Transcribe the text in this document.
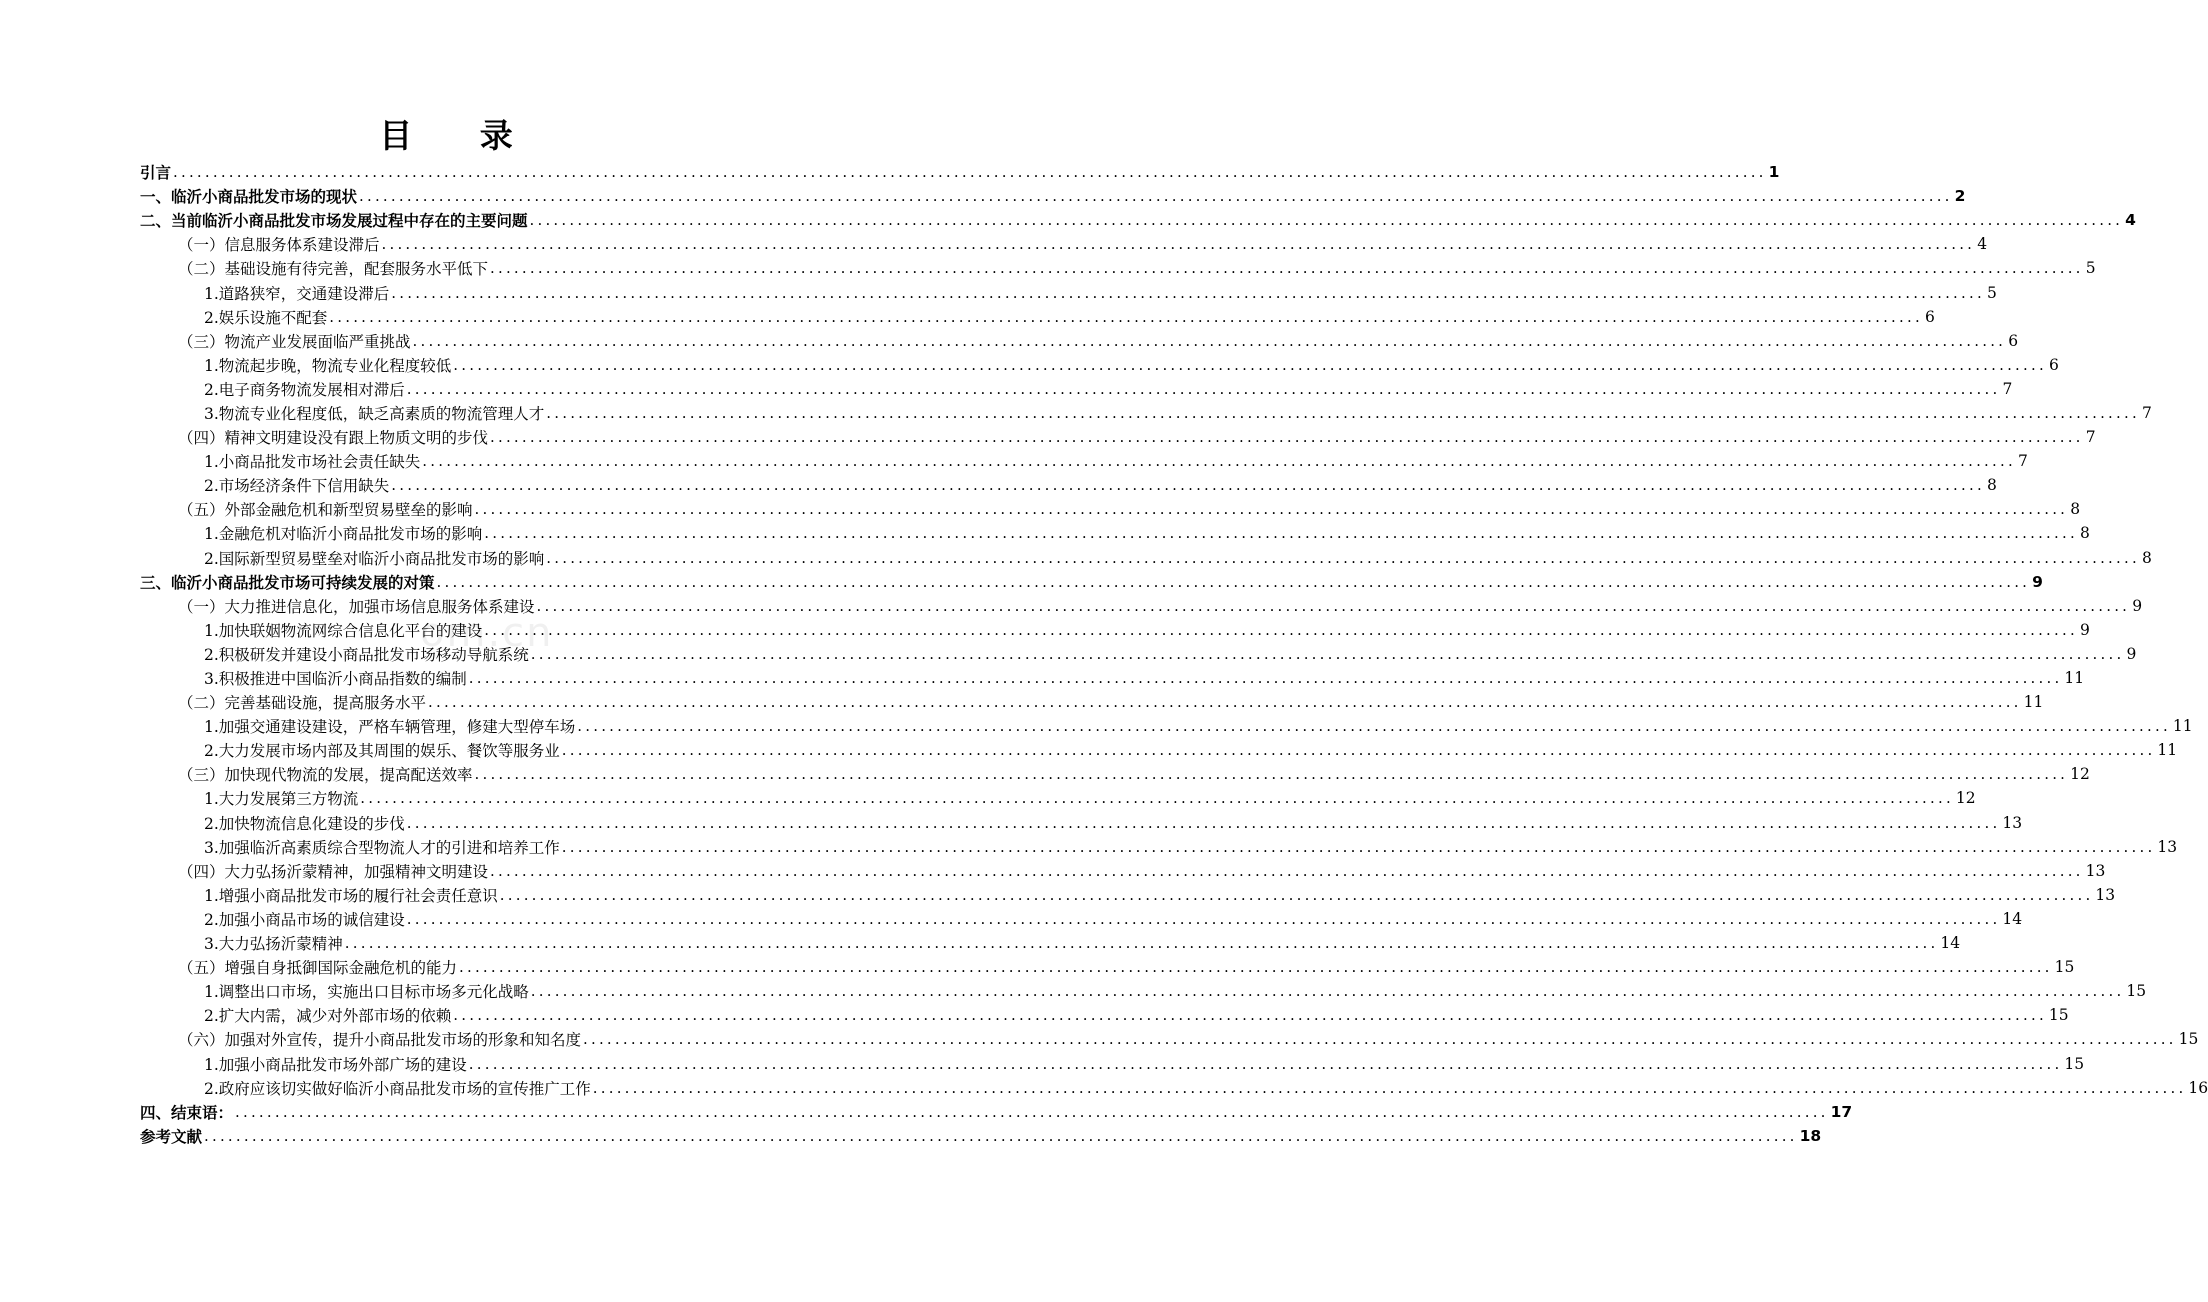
目 录
om.cn
引言 ........................................................................................................................................................................................................ 1
一、临沂小商品批发市场的现状 ........................................................................................................................................................................................................ 2
二、当前临沂小商品批发市场发展过程中存在的主要问题 ........................................................................................................................................................................................................ 4
（一）信息服务体系建设滞后 ........................................................................................................................................................................................................ 4
（二）基础设施有待完善，配套服务水平低下 ........................................................................................................................................................................................................ 5
1.道路狭窄，交通建设滞后 ........................................................................................................................................................................................................ 5
2.娱乐设施不配套 ........................................................................................................................................................................................................ 6
（三）物流产业发展面临严重挑战 ........................................................................................................................................................................................................ 6
1.物流起步晚，物流专业化程度较低 ........................................................................................................................................................................................................ 6
2.电子商务物流发展相对滞后 ........................................................................................................................................................................................................ 7
3.物流专业化程度低，缺乏高素质的物流管理人才 ........................................................................................................................................................................................................ 7
（四）精神文明建设没有跟上物质文明的步伐 ........................................................................................................................................................................................................ 7
1.小商品批发市场社会责任缺失 ........................................................................................................................................................................................................ 7
2.市场经济条件下信用缺失 ........................................................................................................................................................................................................ 8
（五）外部金融危机和新型贸易壁垒的影响 ........................................................................................................................................................................................................ 8
1.金融危机对临沂小商品批发市场的影响 ........................................................................................................................................................................................................ 8
2.国际新型贸易壁垒对临沂小商品批发市场的影响 ........................................................................................................................................................................................................ 8
三、临沂小商品批发市场可持续发展的对策 ........................................................................................................................................................................................................ 9
（一）大力推进信息化，加强市场信息服务体系建设 ........................................................................................................................................................................................................ 9
1.加快联姻物流网综合信息化平台的建设 ........................................................................................................................................................................................................ 9
2.积极研发并建设小商品批发市场移动导航系统 ........................................................................................................................................................................................................ 9
3.积极推进中国临沂小商品指数的编制 ........................................................................................................................................................................................................ 11
（二）完善基础设施，提高服务水平 ........................................................................................................................................................................................................ 11
1.加强交通建设建设，严格车辆管理，修建大型停车场 ........................................................................................................................................................................................................ 11
2.大力发展市场内部及其周围的娱乐、餐饮等服务业 ........................................................................................................................................................................................................ 11
（三）加快现代物流的发展，提高配送效率 ........................................................................................................................................................................................................ 12
1.大力发展第三方物流 ........................................................................................................................................................................................................ 12
2.加快物流信息化建设的步伐 ........................................................................................................................................................................................................ 13
3.加强临沂高素质综合型物流人才的引进和培养工作 ........................................................................................................................................................................................................ 13
（四）大力弘扬沂蒙精神，加强精神文明建设 ........................................................................................................................................................................................................ 13
1.增强小商品批发市场的履行社会责任意识 ........................................................................................................................................................................................................ 13
2.加强小商品市场的诚信建设 ........................................................................................................................................................................................................ 14
3.大力弘扬沂蒙精神 ........................................................................................................................................................................................................ 14
（五）增强自身抵御国际金融危机的能力 ........................................................................................................................................................................................................ 15
1.调整出口市场，实施出口目标市场多元化战略 ........................................................................................................................................................................................................ 15
2.扩大内需，减少对外部市场的依赖 ........................................................................................................................................................................................................ 15
（六）加强对外宣传，提升小商品批发市场的形象和知名度 ........................................................................................................................................................................................................ 15
1.加强小商品批发市场外部广场的建设 ........................................................................................................................................................................................................ 15
2.政府应该切实做好临沂小商品批发市场的宣传推广工作 ........................................................................................................................................................................................................ 16
四、结束语： ........................................................................................................................................................................................................ 17
参考文献 ........................................................................................................................................................................................................ 18
